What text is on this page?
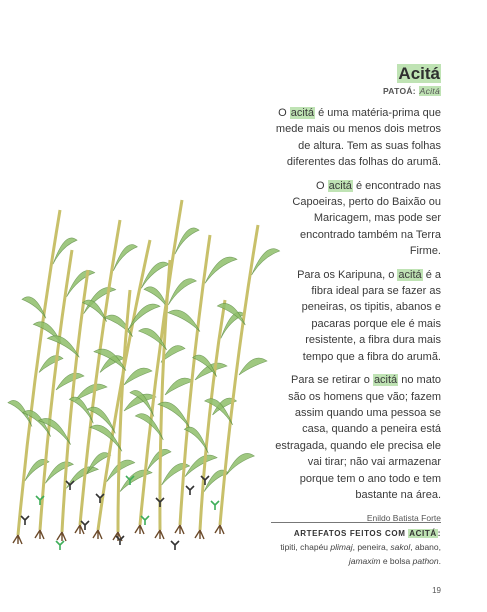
Acitá
PATOÁ: Acitá

O acitá é uma matéria-prima que mede mais ou menos dois metros de altura. Tem as suas folhas diferentes das folhas do arumã.

O acitá é encontrado nas Capoeiras, perto do Baixão ou Maricagem, mas pode ser encontrado também na Terra Firme.

Para os Karipuna, o acitá é a fibra ideal para se fazer as peneiras, os tipitis, abanos e pacaras porque ele é mais resistente, a fibra dura mais tempo que a fibra do arumã.

Para se retirar o acitá no mato são os homens que vão; fazem assim quando uma pessoa se casa, quando a peneira está estragada, quando ele precisa ele vai tirar; não vai armazenar porque tem o ano todo e tem bastante na área.

Enildo Batista Forte

ARTEFATOS FEITOS COM ACITÁ:
tipiti, chapéu plimaj, peneira, sakol, abano, jamaxim e bolsa pathon.
19
